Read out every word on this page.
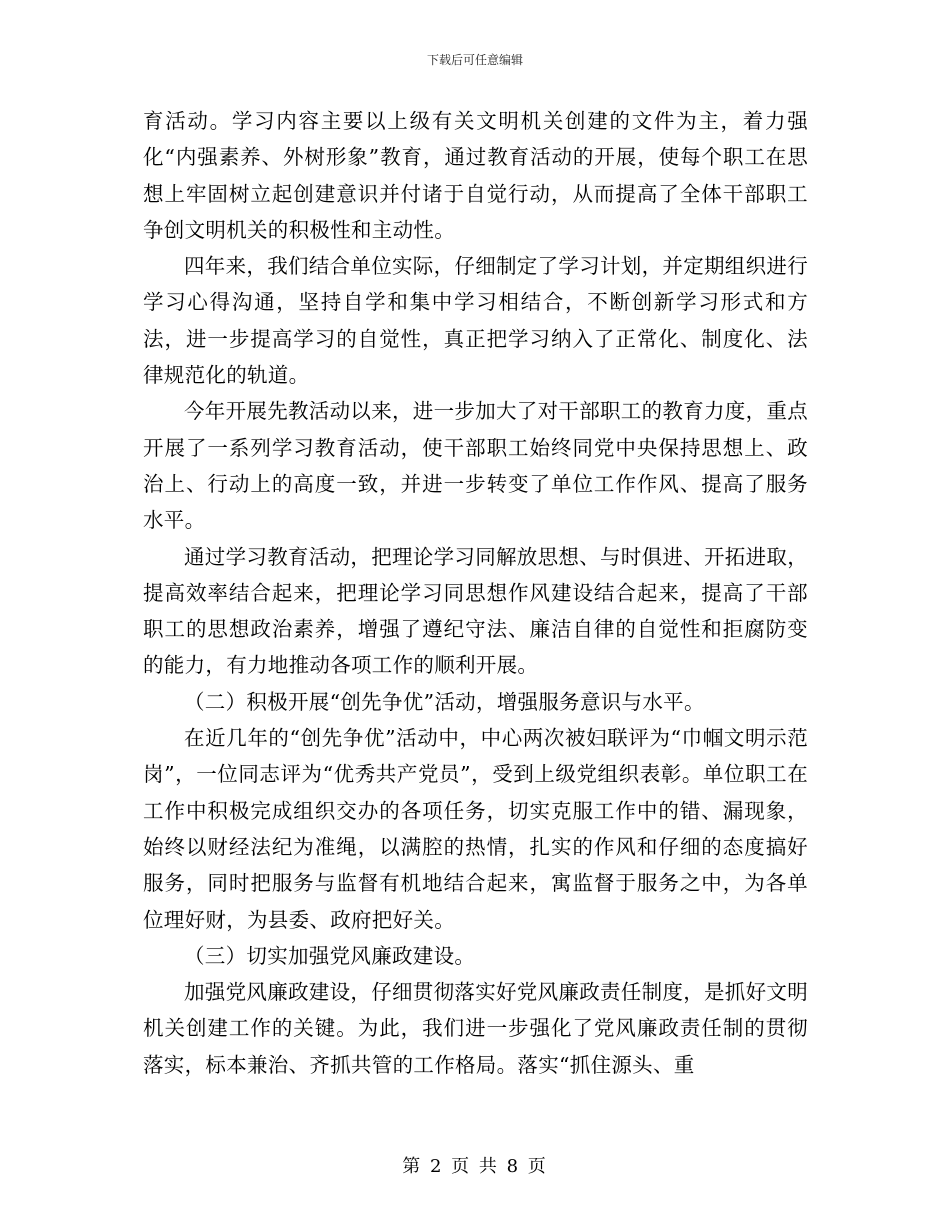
下载后可任意编辑

育活动。学习内容主要以上级有关文明机关创建的文件为主，着力强化“内强素养、外树形象”教育，通过教育活动的开展，使每个职工在思想上牢固树立起创建意识并付诸于自觉行动，从而提高了全体干部职工争创文明机关的积极性和主动性。

四年来，我们结合单位实际，仔细制定了学习计划，并定期组织进行学习心得沟通，坚持自学和集中学习相结合，不断创新学习形式和方法，进一步提高学习的自觉性，真正把学习纳入了正常化、制度化、法律规范化的轨道。

今年开展先教活动以来，进一步加大了对干部职工的教育力度，重点开展了一系列学习教育活动，使干部职工始终同党中央保持思想上、政治上、行动上的高度一致，并进一步转变了单位工作作风、提高了服务水平。

通过学习教育活动，把理论学习同解放思想、与时俱进、开拓进取，提高效率结合起来，把理论学习同思想作风建设结合起来，提高了干部职工的思想政治素养，增强了遵纪守法、廉洁自律的自觉性和拒腐防变的能力，有力地推动各项工作的顺利开展。

（二）积极开展“创先争优”活动，增强服务意识与水平。

在近几年的“创先争优”活动中，中心两次被妇联评为“巾帼文明示范岗”，一位同志评为“优秀共产党员”，受到上级党组织表彰。单位职工在工作中积极完成组织交办的各项任务，切实克服工作中的错、漏现象，始终以财经法纪为准绳，以满腔的热情，扎实的作风和仔细的态度搞好服务，同时把服务与监督有机地结合起来，寓监督于服务之中，为各单位理好财，为县委、政府把好关。

（三）切实加强党风廉政建设。

加强党风廉政建设，仔细贯彻落实好党风廉政责任制度，是抓好文明机关创建工作的关键。为此，我们进一步强化了党风廉政责任制的贯彻落实，标本兼治、齐抓共管的工作格局。落实“抓住源头、重

第 2 页 共 8 页
